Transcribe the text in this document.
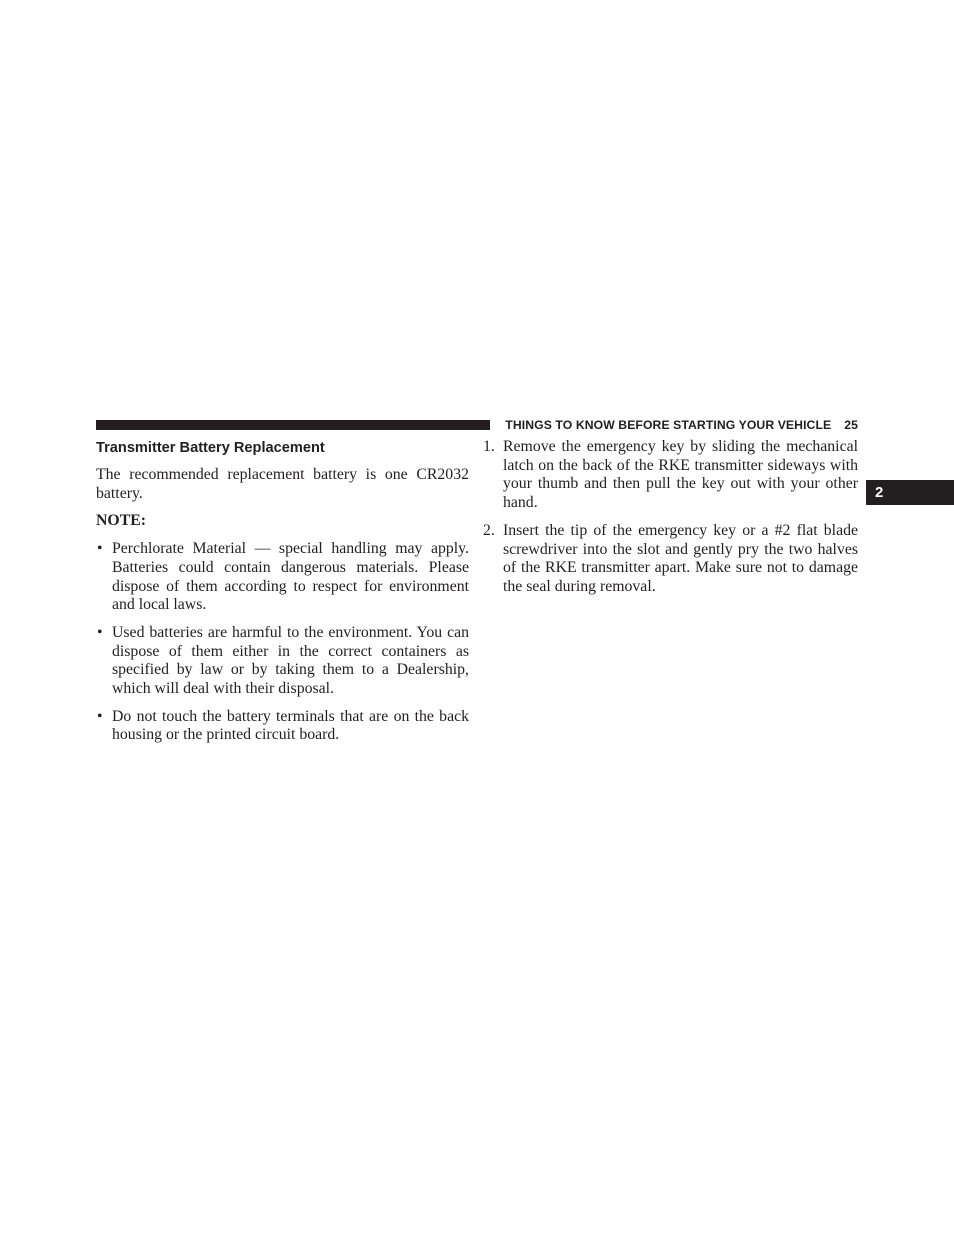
THINGS TO KNOW BEFORE STARTING YOUR VEHICLE 25
2
Transmitter Battery Replacement

The recommended replacement battery is one CR2032 battery.

NOTE:

• Perchlorate Material — special handling may apply. Batteries could contain dangerous materials. Please dispose of them according to respect for environment and local laws.
• Used batteries are harmful to the environment. You can dispose of them either in the correct containers as specified by law or by taking them to a Dealership, which will deal with their disposal.
• Do not touch the battery terminals that are on the back housing or the printed circuit board.
1. Remove the emergency key by sliding the mechanical latch on the back of the RKE transmitter sideways with your thumb and then pull the key out with your other hand.
2. Insert the tip of the emergency key or a #2 flat blade screwdriver into the slot and gently pry the two halves of the RKE transmitter apart. Make sure not to damage the seal during removal.
